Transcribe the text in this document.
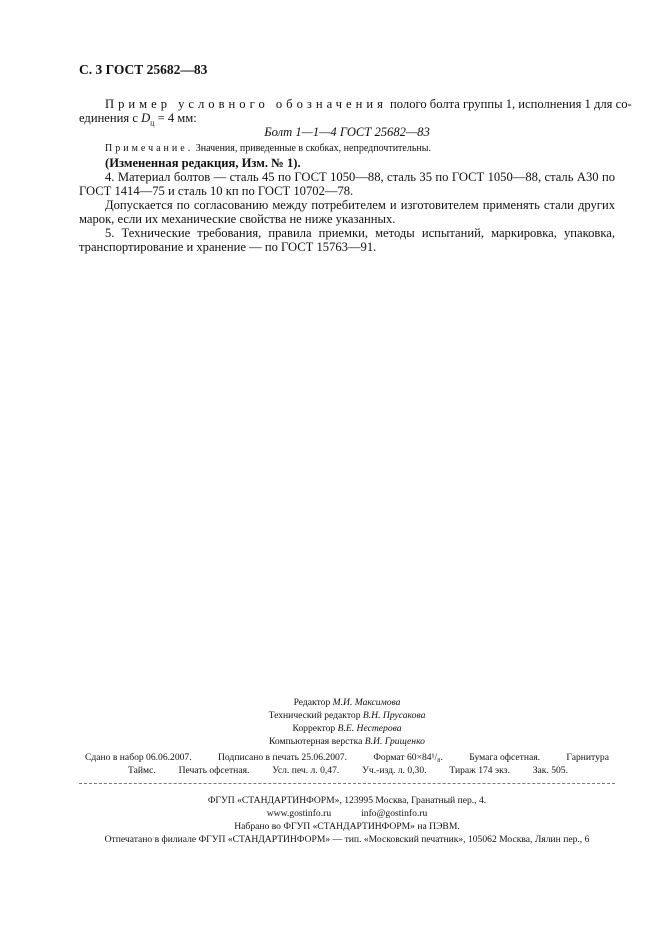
С. 3 ГОСТ 25682—83
Пример условного обозначения полого болта группы 1, исполнения 1 для со-
единения с $D_ц = 4$ мм:
Болт 1—1—4 ГОСТ 25682—83
Примечание. Значения, приведенные в скобках, непредпочтительны.
(Измененная редакция, Изм. № 1).
4. Материал болтов — сталь 45 по ГОСТ 1050—88, сталь 35 по ГОСТ 1050—88, сталь А30 по
ГОСТ 1414—75 и сталь 10 кп по ГОСТ 10702—78.
Допускается по согласованию между потребителем и изготовителем применять стали других
марок, если их механические свойства не ниже указанных.
5. Технические требования, правила приемки, методы испытаний, маркировка, упаковка,
транспортирование и хранение — по ГОСТ 15763—91.
Редактор М.И. Максимова
Технический редактор В.Н. Прусакова
Корректор В.Е. Нестерова
Компьютерная верстка В.И. Грищенко
Сдано в набор 06.06.2007.	Подписано в печать 25.06.2007.	Формат 60×84¹/₈.	Бумага офсетная.	Гарнитура
Таймс. Печать офсетная. Усл. печ. л. 0,47. Уч.-изд. л. 0,30. Тираж 174 экз. Зак. 505.
ФГУП «СТАНДАРТИНФОРМ», 123995 Москва, Гранатный пер., 4.
www.gostinfo.ru	info@gostinfo.ru
Набрано во ФГУП «СТАНДАРТИНФОРМ» на ПЭВМ.
Отпечатано в филиале ФГУП «СТАНДАРТИНФОРМ» — тип. «Московский печатник», 105062 Москва, Лялин пер., 6
